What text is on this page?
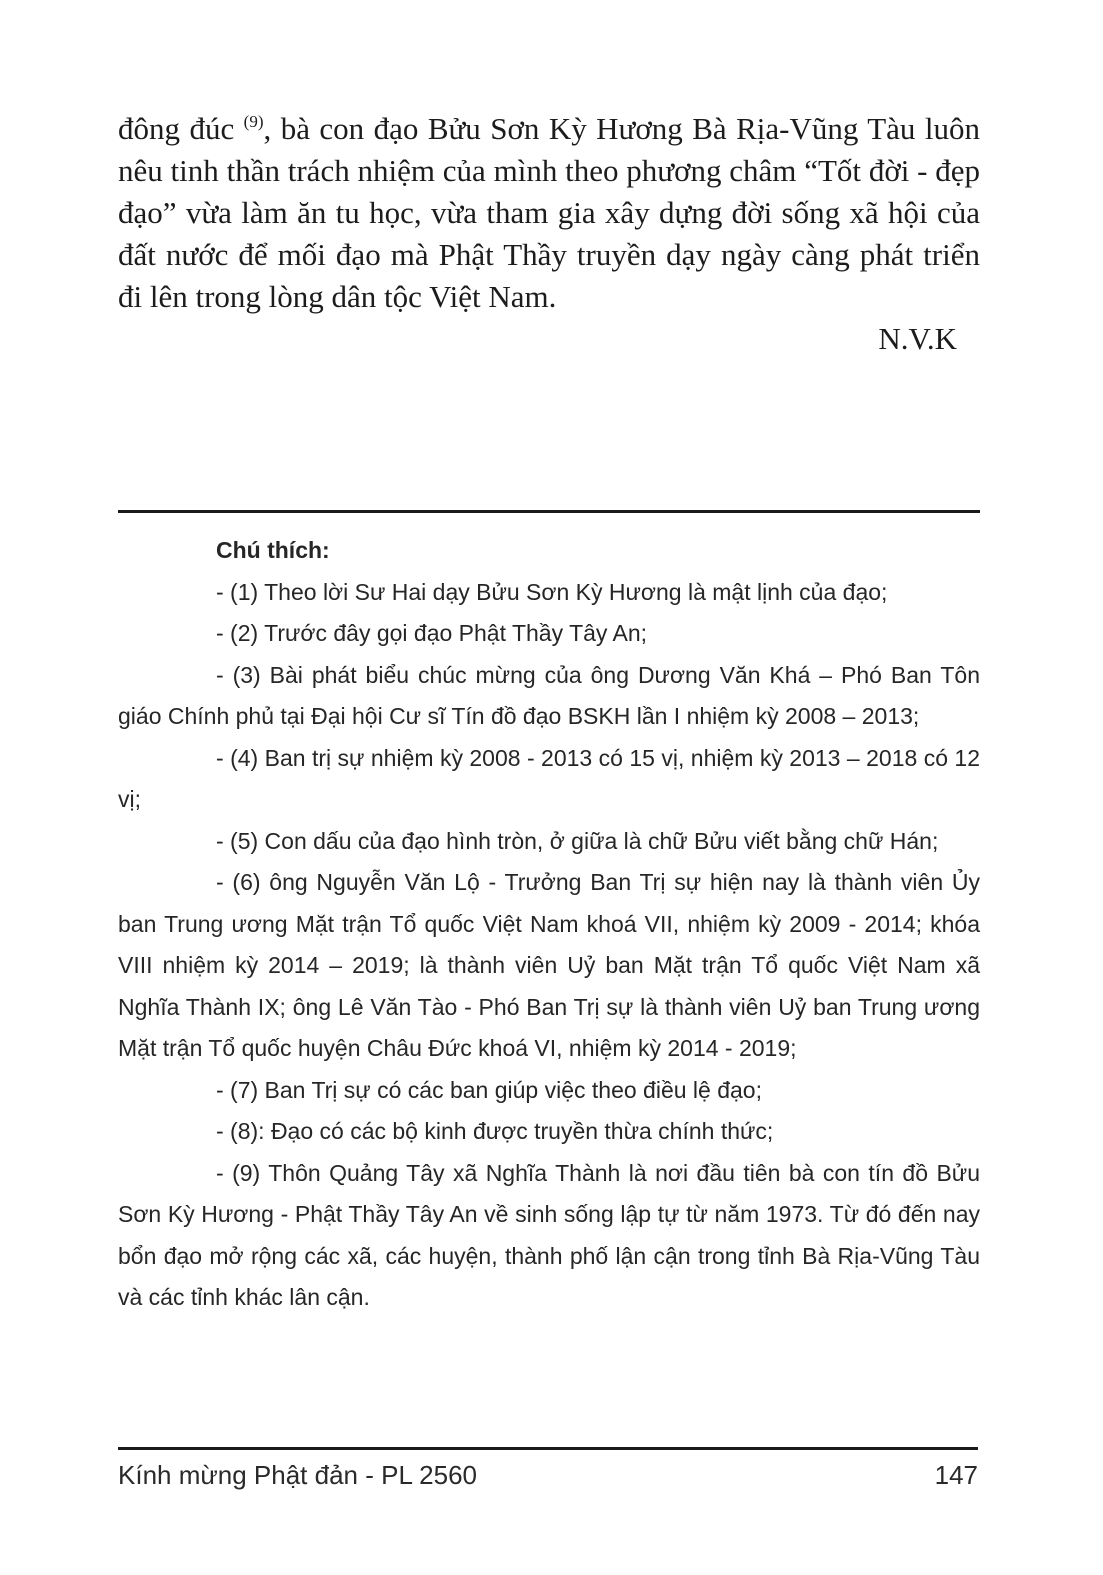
đông đúc $^{(9)}$, bà con đạo Bửu Sơn Kỳ Hương Bà Rịa-Vũng Tàu luôn nêu tinh thần trách nhiệm của mình theo phương châm “Tốt đời - đẹp đạo” vừa làm ăn tu học, vừa tham gia xây dựng đời sống xã hội của đất nước để mối đạo mà Phật Thầy truyền dạy ngày càng phát triển đi lên trong lòng dân tộc Việt Nam.

N.V.K

Chú thích:

- (1) Theo lời Sư Hai dạy Bửu Sơn Kỳ Hương là mật lịnh của đạo;

- (2) Trước đây gọi đạo Phật Thầy Tây An;

- (3) Bài phát biểu chúc mừng của ông Dương Văn Khá – Phó Ban Tôn giáo Chính phủ tại Đại hội Cư sĩ Tín đồ đạo BSKH lần I nhiệm kỳ 2008 – 2013;

- (4) Ban trị sự nhiệm kỳ 2008 - 2013 có 15 vị, nhiệm kỳ 2013 – 2018 có 12 vị;

- (5) Con dấu của đạo hình tròn, ở giữa là chữ Bửu viết bằng chữ Hán;

- (6) ông Nguyễn Văn Lộ - Trưởng Ban Trị sự hiện nay là thành viên Ủy ban Trung ương Mặt trận Tổ quốc Việt Nam khoá VII, nhiệm kỳ 2009 - 2014; khóa VIII nhiệm kỳ 2014 – 2019; là thành viên Uỷ ban Mặt trận Tổ quốc Việt Nam xã Nghĩa Thành IX; ông Lê Văn Tào - Phó Ban Trị sự là thành viên Uỷ ban Trung ương Mặt trận Tổ quốc huyện Châu Đức khoá VI, nhiệm kỳ 2014 - 2019;

- (7) Ban Trị sự có các ban giúp việc theo điều lệ đạo;

- (8): Đạo có các bộ kinh được truyền thừa chính thức;

- (9) Thôn Quảng Tây xã Nghĩa Thành là nơi đầu tiên bà con tín đồ Bửu Sơn Kỳ Hương - Phật Thầy Tây An về sinh sống lập tự từ năm 1973. Từ đó đến nay bổn đạo mở rộng các xã, các huyện, thành phố lận cận trong tỉnh Bà Rịa-Vũng Tàu và các tỉnh khác lân cận.

Kính mừng Phật đản - PL 2560	147
